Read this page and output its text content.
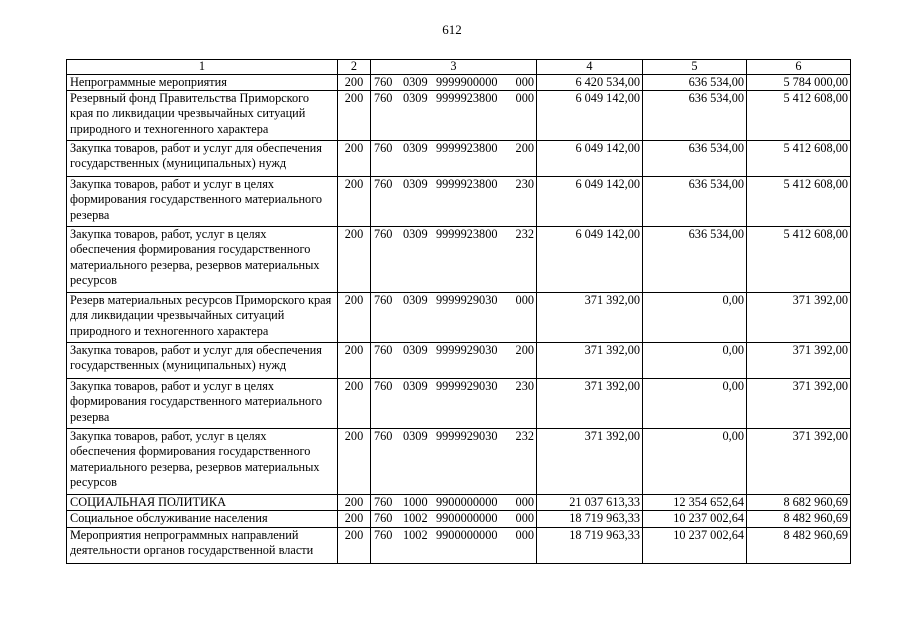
612
1	2	3	4	5	6
Непрограммные мероприятия	200	760 0309 9999900000 000	6 420 534,00	636 534,00	5 784 000,00
Резервный фонд Правительства Приморского края по ликвидации чрезвычайных ситуаций природного и техногенного характера	200	760 0309 9999923800 000	6 049 142,00	636 534,00	5 412 608,00
Закупка товаров, работ и услуг для обеспечения государственных (муниципальных) нужд	200	760 0309 9999923800 200	6 049 142,00	636 534,00	5 412 608,00
Закупка товаров, работ и услуг в целях формирования государственного материального резерва	200	760 0309 9999923800 230	6 049 142,00	636 534,00	5 412 608,00
Закупка товаров, работ, услуг в целях обеспечения формирования государственного материального резерва, резервов материальных ресурсов	200	760 0309 9999923800 232	6 049 142,00	636 534,00	5 412 608,00
Резерв материальных ресурсов Приморского края для ликвидации чрезвычайных ситуаций природного и техногенного характера	200	760 0309 9999929030 000	371 392,00	0,00	371 392,00
Закупка товаров, работ и услуг для обеспечения государственных (муниципальных) нужд	200	760 0309 9999929030 200	371 392,00	0,00	371 392,00
Закупка товаров, работ и услуг в целях формирования государственного материального резерва	200	760 0309 9999929030 230	371 392,00	0,00	371 392,00
Закупка товаров, работ, услуг в целях обеспечения формирования государственного материального резерва, резервов материальных ресурсов	200	760 0309 9999929030 232	371 392,00	0,00	371 392,00
СОЦИАЛЬНАЯ ПОЛИТИКА	200	760 1000 9900000000 000	21 037 613,33	12 354 652,64	8 682 960,69
Социальное обслуживание населения	200	760 1002 9900000000 000	18 719 963,33	10 237 002,64	8 482 960,69
Мероприятия непрограммных направлений деятельности органов государственной власти	200	760 1002 9900000000 000	18 719 963,33	10 237 002,64	8 482 960,69
